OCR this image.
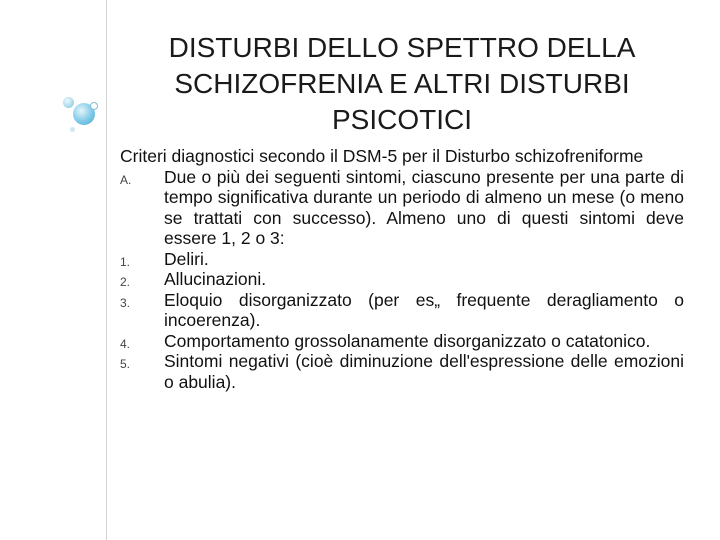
DISTURBI DELLO SPETTRO DELLA SCHIZOFRENIA E ALTRI DISTURBI PSICOTICI
Criteri diagnostici secondo il DSM-5 per il Disturbo schizofreniforme
A. Due o più dei seguenti sintomi, ciascuno presente per una parte di tempo significativa durante un periodo di almeno un mese (o meno se trattati con successo). Almeno uno di questi sintomi deve essere 1, 2 o 3:
1. Deliri.
2. Allucinazioni.
3. Eloquio disorganizzato (per es„ frequente deragliamento o incoerenza).
4. Comportamento grossolanamente disorganizzato o catatonico.
5. Sintomi negativi (cioè diminuzione dell'espressione delle emozioni o abulia).
